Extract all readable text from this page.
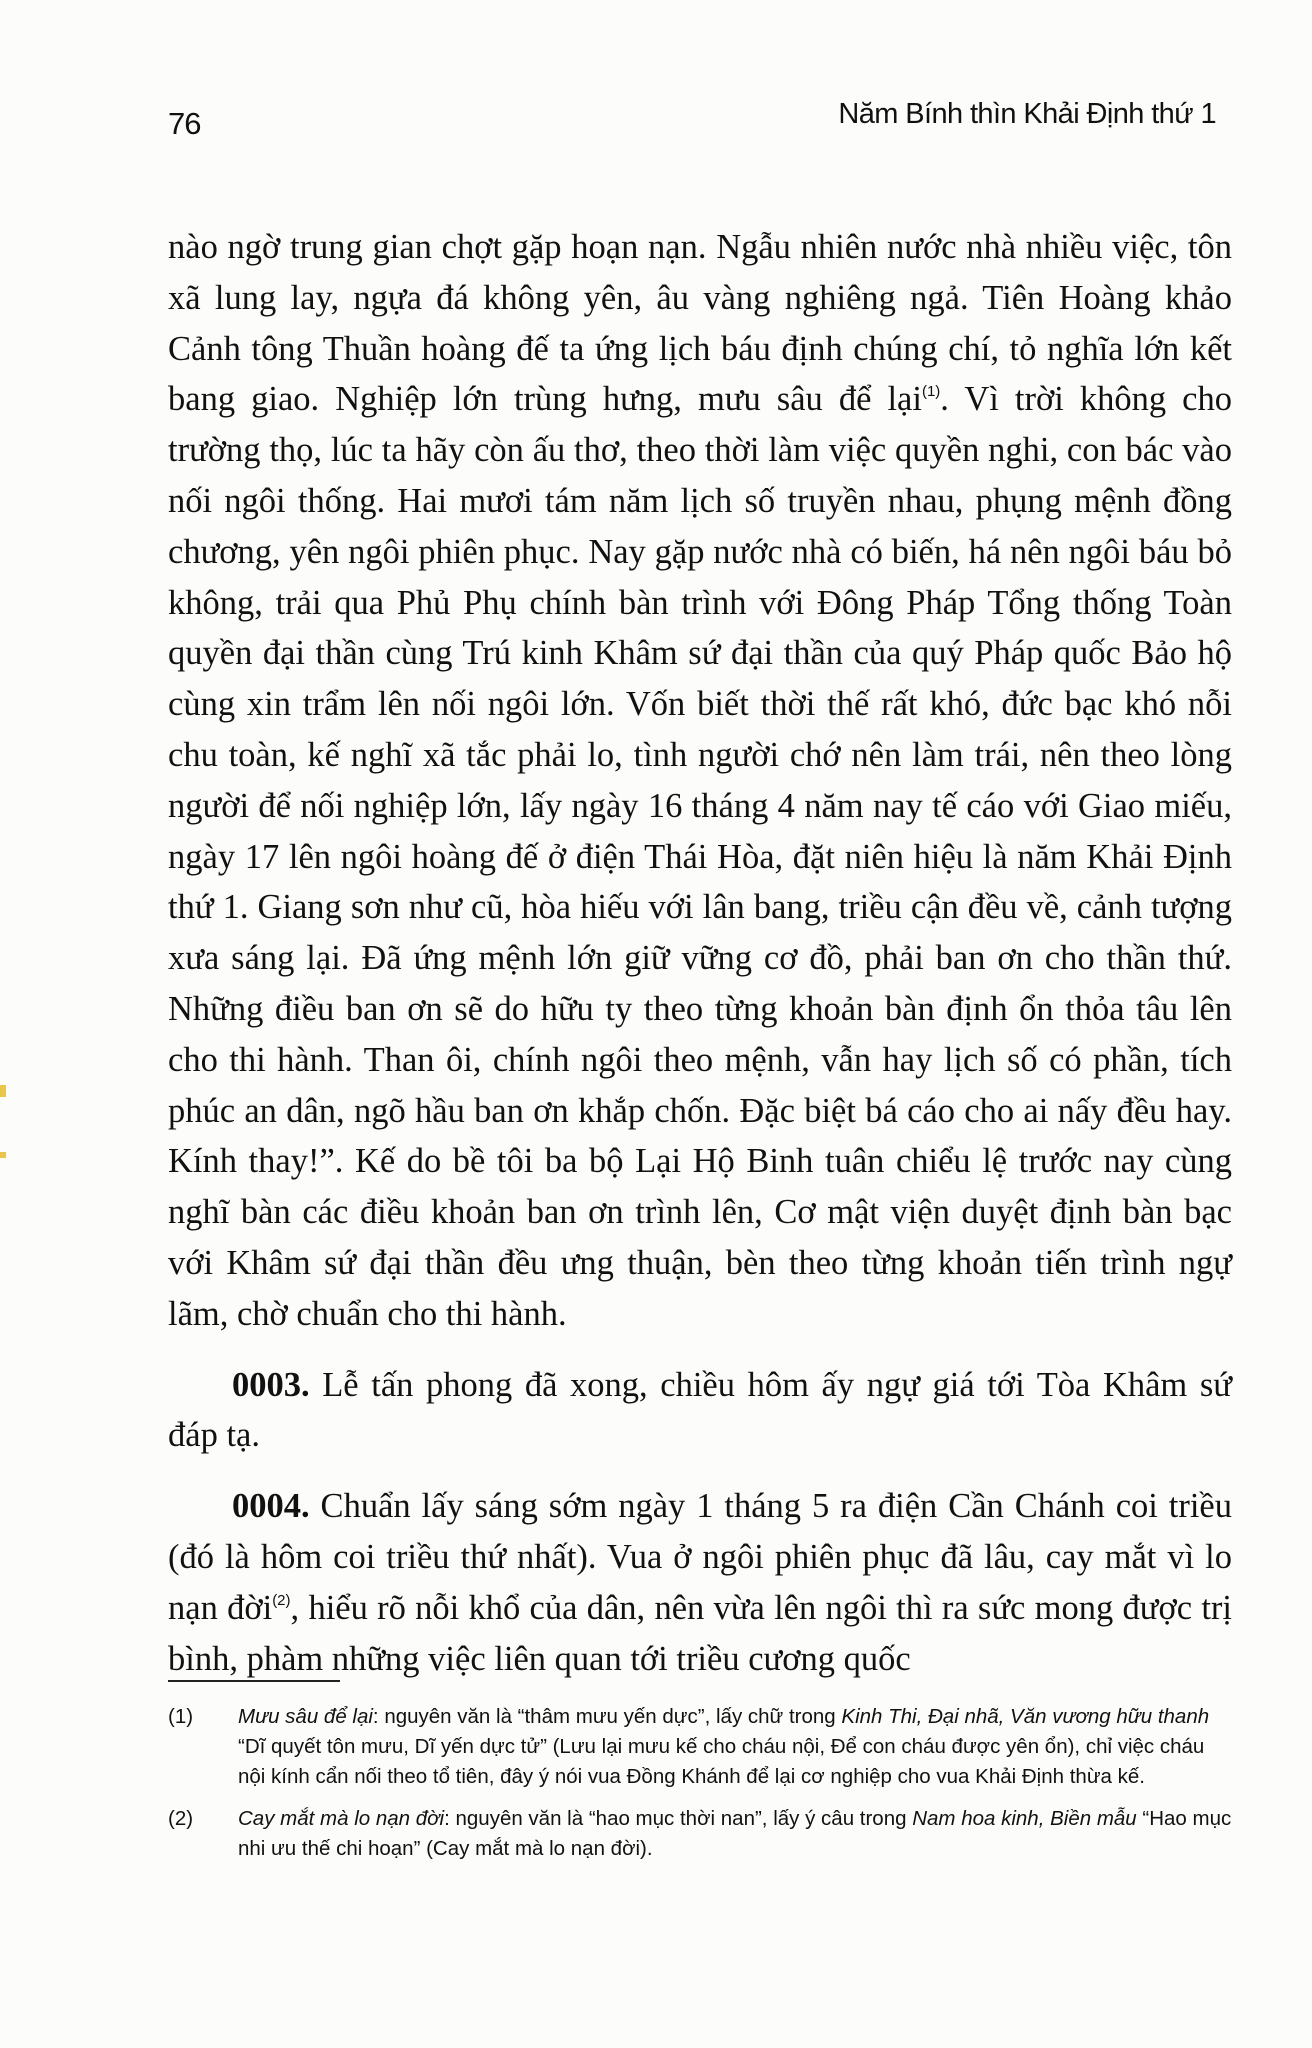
76	Năm Bính thìn Khải Định thứ 1

nào ngờ trung gian chợt gặp hoạn nạn. Ngẫu nhiên nước nhà nhiều việc, tôn xã lung lay, ngựa đá không yên, âu vàng nghiêng ngả. Tiên Hoàng khảo Cảnh tông Thuần hoàng đế ta ứng lịch báu định chúng chí, tỏ nghĩa lớn kết bang giao. Nghiệp lớn trùng hưng, mưu sâu để lại$^{(1)}$. Vì trời không cho trường thọ, lúc ta hãy còn ấu thơ, theo thời làm việc quyền nghi, con bác vào nối ngôi thống. Hai mươi tám năm lịch số truyền nhau, phụng mệnh đồng chương, yên ngôi phiên phục. Nay gặp nước nhà có biến, há nên ngôi báu bỏ không, trải qua Phủ Phụ chính bàn trình với Đông Pháp Tổng thống Toàn quyền đại thần cùng Trú kinh Khâm sứ đại thần của quý Pháp quốc Bảo hộ cùng xin trẩm lên nối ngôi lớn. Vốn biết thời thế rất khó, đức bạc khó nỗi chu toàn, kế nghĩ xã tắc phải lo, tình người chớ nên làm trái, nên theo lòng người để nối nghiệp lớn, lấy ngày 16 tháng 4 năm nay tế cáo với Giao miếu, ngày 17 lên ngôi hoàng đế ở điện Thái Hòa, đặt niên hiệu là năm Khải Định thứ 1. Giang sơn như cũ, hòa hiếu với lân bang, triều cận đều về, cảnh tượng xưa sáng lại. Đã ứng mệnh lớn giữ vững cơ đồ, phải ban ơn cho thần thứ. Những điều ban ơn sẽ do hữu ty theo từng khoản bàn định ổn thỏa tâu lên cho thi hành. Than ôi, chính ngôi theo mệnh, vẫn hay lịch số có phần, tích phúc an dân, ngõ hầu ban ơn khắp chốn. Đặc biệt bá cáo cho ai nấy đều hay. Kính thay!”. Kế do bề tôi ba bộ Lại Hộ Binh tuân chiểu lệ trước nay cùng nghĩ bàn các điều khoản ban ơn trình lên, Cơ mật viện duyệt định bàn bạc với Khâm sứ đại thần đều ưng thuận, bèn theo từng khoản tiến trình ngự lãm, chờ chuẩn cho thi hành.

0003. Lễ tấn phong đã xong, chiều hôm ấy ngự giá tới Tòa Khâm sứ đáp tạ.

0004. Chuẩn lấy sáng sớm ngày 1 tháng 5 ra điện Cần Chánh coi triều (đó là hôm coi triều thứ nhất). Vua ở ngôi phiên phục đã lâu, cay mắt vì lo nạn đời$^{(2)}$, hiểu rõ nỗi khổ của dân, nên vừa lên ngôi thì ra sức mong được trị bình, phàm những việc liên quan tới triều cương quốc

(1) Mưu sâu để lại: nguyên văn là “thâm mưu yến dực”, lấy chữ trong Kinh Thi, Đại nhã, Văn vương hữu thanh “Dĩ quyết tôn mưu, Dĩ yến dực tử” (Lưu lại mưu kế cho cháu nội, Để con cháu được yên ổn), chỉ việc cháu nội kính cẩn nối theo tổ tiên, đây ý nói vua Đồng Khánh để lại cơ nghiệp cho vua Khải Định thừa kế.
(2) Cay mắt mà lo nạn đời: nguyên văn là “hao mục thời nan”, lấy ý câu trong Nam hoa kinh, Biền mẫu “Hao mục nhi ưu thế chi hoạn” (Cay mắt mà lo nạn đời).
